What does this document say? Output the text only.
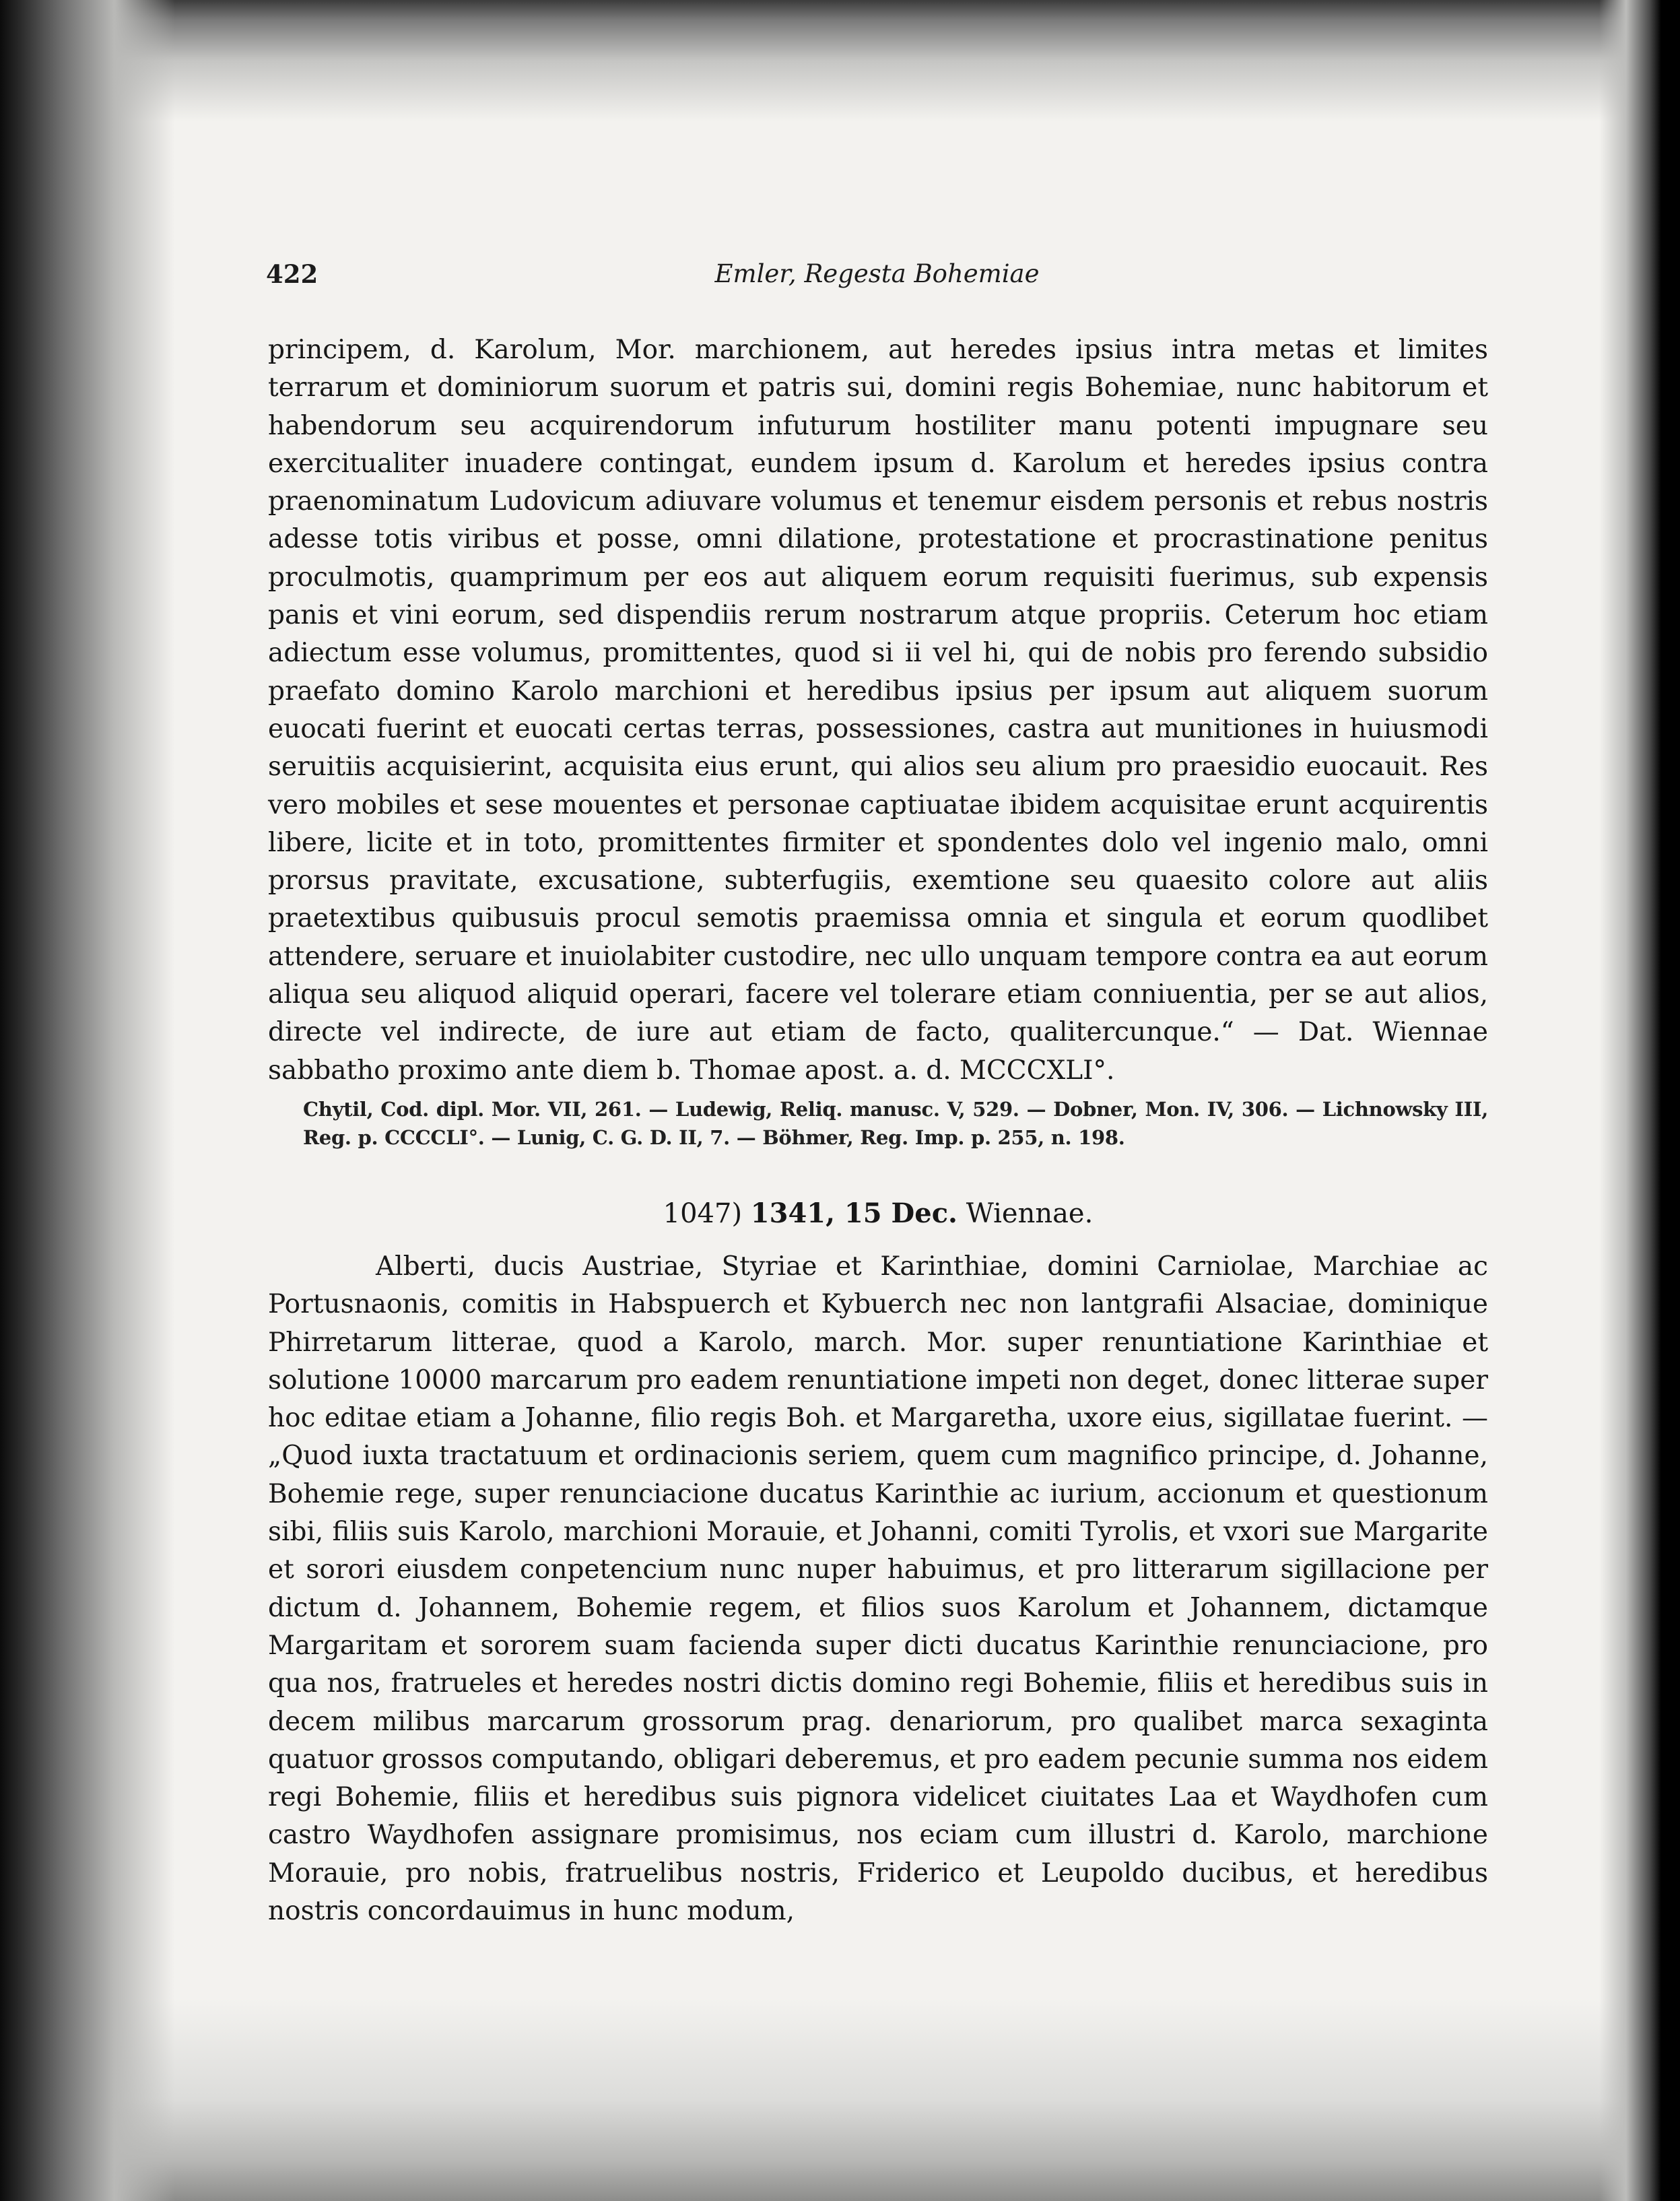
Emler, Regesta Bohemiae
422

principem, d. Karolum, Mor. marchionem, aut heredes ipsius intra metas et limites terrarum et dominiorum suorum et patris sui, domini regis Bohemiae, nunc habitorum et habendorum seu acquirendorum infuturum hostiliter manu potenti impugnare seu exercitualiter inuadere contingat, eundem ipsum d. Karolum et heredes ipsius contra praenominatum Ludovicum adiuvare volumus et tenemur eisdem personis et rebus nostris adesse totis viribus et posse, omni dilatione, protestatione et procrastinatione penitus proculmotis, quamprimum per eos aut aliquem eorum requisiti fuerimus, sub expensis panis et vini eorum, sed dispendiis rerum nostrarum atque propriis. Ceterum hoc etiam adiectum esse volumus, promittentes, quod si ii vel hi, qui de nobis pro ferendo subsidio praefato domino Karolo marchioni et heredibus ipsius per ipsum aut aliquem suorum euocati fuerint et euocati certas terras, possessiones, castra aut munitiones in huiusmodi seruitiis acquisierint, acquisita eius erunt, qui alios seu alium pro praesidio euocauit. Res vero mobiles et sese mouentes et personae captiuatae ibidem acquisitae erunt acquirentis libere, licite et in toto, promittentes firmiter et spondentes dolo vel ingenio malo, omni prorsus pravitate, excusatione, subterfugiis, exemtione seu quaesito colore aut aliis praetextibus quibusuis procul semotis praemissa omnia et singula et eorum quodlibet attendere, seruare et inuiolabiter custodire, nec ullo unquam tempore contra ea aut eorum aliqua seu aliquod aliquid operari, facere vel tolerare etiam conniuentia, per se aut alios, directe vel indirecte, de iure aut etiam de facto, qualitercunque.“ — Dat. Wiennae sabbatho proximo ante diem b. Thomae apost. a. d. MCCCXLI°.

Chytil, Cod. dipl. Mor. VII, 261. — Ludewig, Reliq. manusc. V, 529. — Dobner, Mon. IV, 306. — Lichnowsky III, Reg. p. CCCCLI°. — Lunig, C. G. D. II, 7. — Böhmer, Reg. Imp. p. 255, n. 198.

1047) 1341, 15 Dec. Wiennae.

Alberti, ducis Austriae, Styriae et Karinthiae, domini Carniolae, Marchiae ac Portusnaonis, comitis in Habspuerch et Kybuerch nec non lantgrafii Alsaciae, dominique Phirretarum litterae, quod a Karolo, march. Mor. super renuntiatione Karinthiae et solutione 10000 marcarum pro eadem renuntiatione impeti non deget, donec litterae super hoc editae etiam a Johanne, filio regis Boh. et Margaretha, uxore eius, sigillatae fuerint. — „Quod iuxta tractatuum et ordinacionis seriem, quem cum magnifico principe, d. Johanne, Bohemie rege, super renunciacione ducatus Karinthie ac iurium, accionum et questionum sibi, filiis suis Karolo, marchioni Morauie, et Johanni, comiti Tyrolis, et vxori sue Margarite et sorori eiusdem conpetencium nunc nuper habuimus, et pro litterarum sigillacione per dictum d. Johannem, Bohemie regem, et filios suos Karolum et Johannem, dictamque Margaritam et sororem suam facienda super dicti ducatus Karinthie renunciacione, pro qua nos, fratrueles et heredes nostri dictis domino regi Bohemie, filiis et heredibus suis in decem milibus marcarum grossorum prag. denariorum, pro qualibet marca sexaginta quatuor grossos computando, obligari deberemus, et pro eadem pecunie summa nos eidem regi Bohemie, filiis et heredibus suis pignora videlicet ciuitates Laa et Waydhofen cum castro Waydhofen assignare promisimus, nos eciam cum illustri d. Karolo, marchione Morauie, pro nobis, fratruelibus nostris, Friderico et Leupoldo ducibus, et heredibus nostris concordauimus in hunc modum,
